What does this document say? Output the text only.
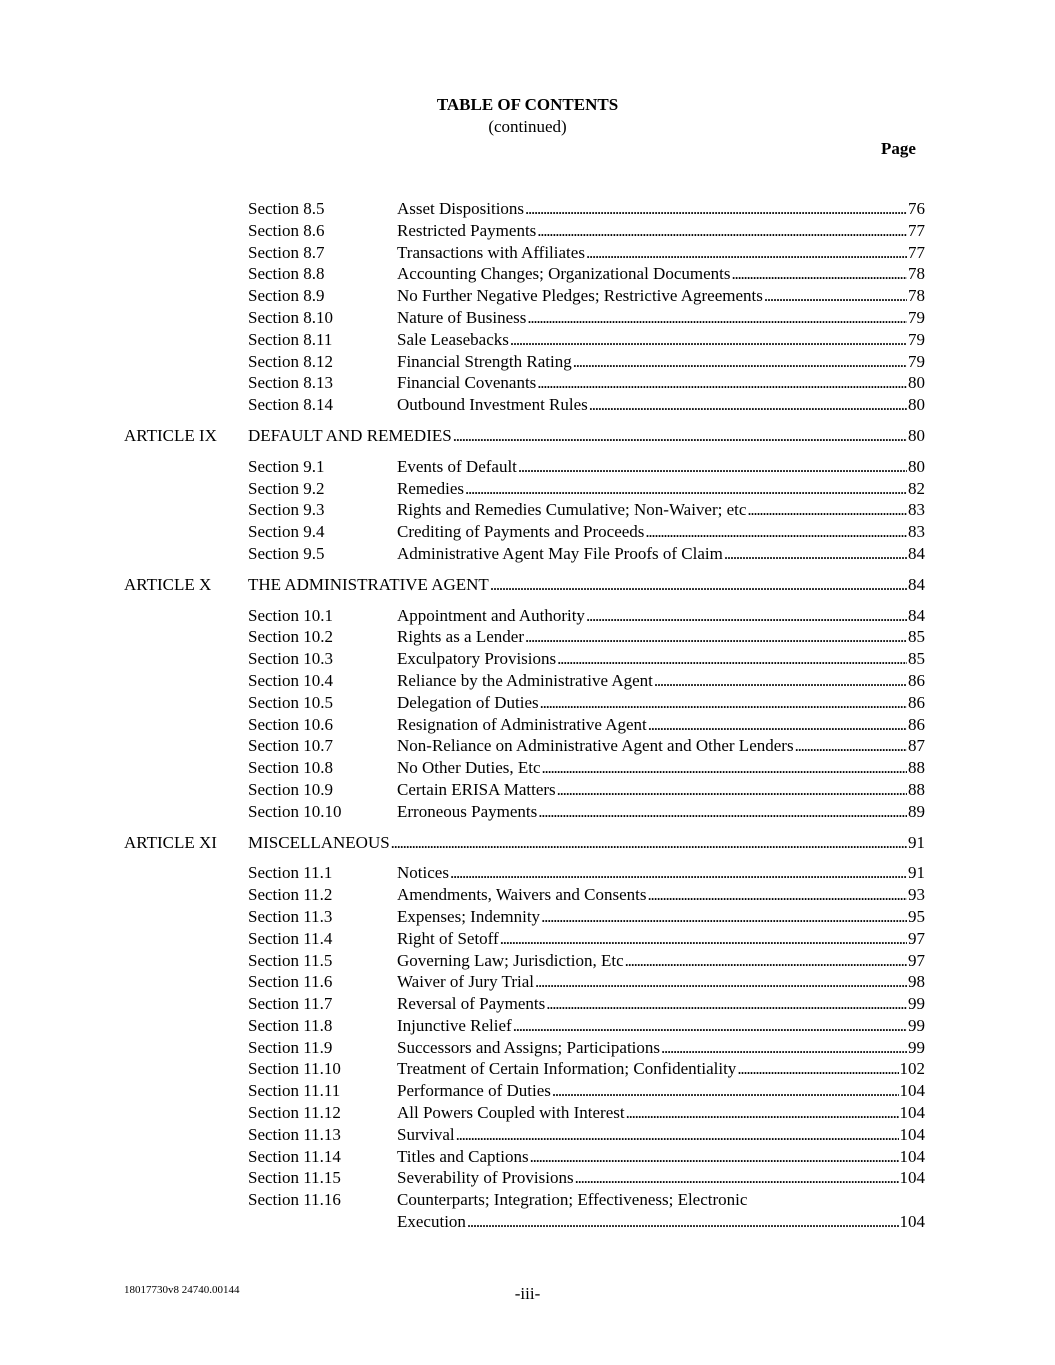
TABLE OF CONTENTS
(continued)
Page
Section 8.5	Asset Dispositions . . .	76
Section 8.6	Restricted Payments . . .	77
Section 8.7	Transactions with Affiliates . . .	77
Section 8.8	Accounting Changes; Organizational Documents . . .	78
Section 8.9	No Further Negative Pledges; Restrictive Agreements . . .	78
Section 8.10	Nature of Business . . .	79
Section 8.11	Sale Leasebacks . . .	79
Section 8.12	Financial Strength Rating . . .	79
Section 8.13	Financial Covenants . . .	80
Section 8.14	Outbound Investment Rules . . .	80
ARTICLE IX DEFAULT AND REMEDIES . . .	80
Section 9.1	Events of Default . . .	80
Section 9.2	Remedies . . .	82
Section 9.3	Rights and Remedies Cumulative; Non-Waiver; etc . . .	83
Section 9.4	Crediting of Payments and Proceeds . . .	83
Section 9.5	Administrative Agent May File Proofs of Claim . . .	84
ARTICLE X THE ADMINISTRATIVE AGENT . . .	84
Section 10.1	Appointment and Authority . . .	84
Section 10.2	Rights as a Lender . . .	85
Section 10.3	Exculpatory Provisions . . .	85
Section 10.4	Reliance by the Administrative Agent . . .	86
Section 10.5	Delegation of Duties . . .	86
Section 10.6	Resignation of Administrative Agent . . .	86
Section 10.7	Non-Reliance on Administrative Agent and Other Lenders . . .	87
Section 10.8	No Other Duties, Etc . . .	88
Section 10.9	Certain ERISA Matters . . .	88
Section 10.10	Erroneous Payments . . .	89
ARTICLE XI MISCELLANEOUS . . .	91
Section 11.1	Notices . . .	91
Section 11.2	Amendments, Waivers and Consents . . .	93
Section 11.3	Expenses; Indemnity . . .	95
Section 11.4	Right of Setoff . . .	97
Section 11.5	Governing Law; Jurisdiction, Etc . . .	97
Section 11.6	Waiver of Jury Trial . . .	98
Section 11.7	Reversal of Payments . . .	99
Section 11.8	Injunctive Relief . . .	99
Section 11.9	Successors and Assigns; Participations . . .	99
Section 11.10	Treatment of Certain Information; Confidentiality . . .	102
Section 11.11	Performance of Duties . . .	104
Section 11.12	All Powers Coupled with Interest . . .	104
Section 11.13	Survival . . .	104
Section 11.14	Titles and Captions . . .	104
Section 11.15	Severability of Provisions . . .	104
Section 11.16	Counterparts; Integration; Effectiveness; Electronic
Execution . . .	104
18017730v8 24740.00144	-iii-
